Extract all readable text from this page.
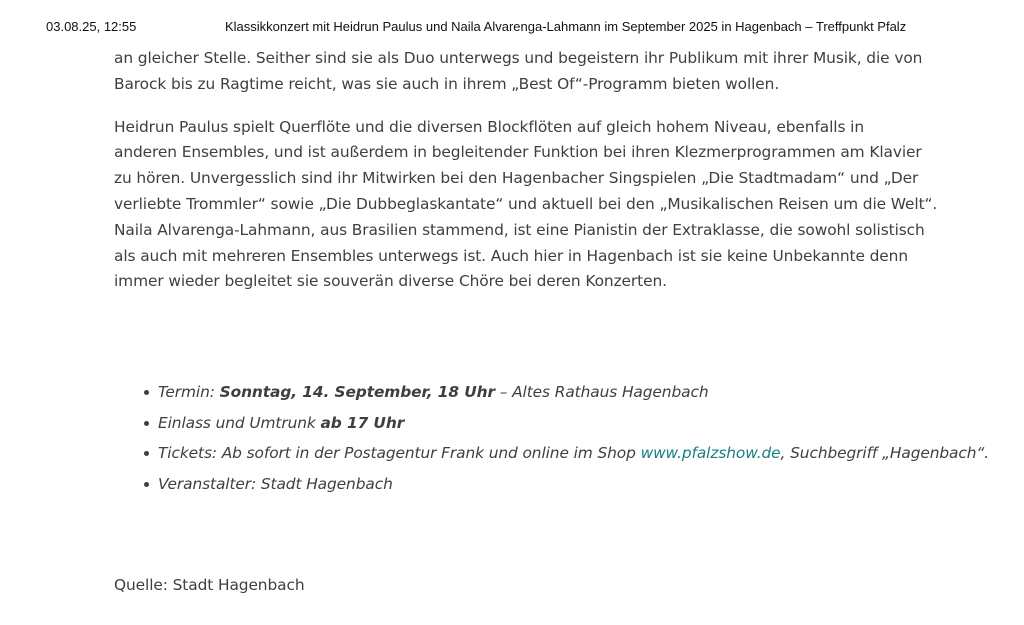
03.08.25, 12:55	Klassikkonzert mit Heidrun Paulus und Naila Alvarenga-Lahmann im September 2025 in Hagenbach – Treffpunkt Pfalz

an gleicher Stelle. Seither sind sie als Duo unterwegs und begeistern ihr Publikum mit ihrer Musik, die von

Barock bis zu Ragtime reicht, was sie auch in ihrem „Best Of“-Programm bieten wollen.

Heidrun Paulus spielt Querflöte und die diversen Blockflöten auf gleich hohem Niveau, ebenfalls in

anderen Ensembles, und ist außerdem in begleitender Funktion bei ihren Klezmerprogrammen am Klavier

zu hören. Unvergesslich sind ihr Mitwirken bei den Hagenbacher Singspielen „Die Stadtmadam“ und „Der

verliebte Trommler“ sowie „Die Dubbeglaskantate“ und aktuell bei den „Musikalischen Reisen um die Welt“.

Naila Alvarenga-Lahmann, aus Brasilien stammend, ist eine Pianistin der Extraklasse, die sowohl solistisch

als auch mit mehreren Ensembles unterwegs ist. Auch hier in Hagenbach ist sie keine Unbekannte denn

immer wieder begleitet sie souverän diverse Chöre bei deren Konzerten.

Termin: Sonntag, 14. September, 18 Uhr – Altes Rathaus Hagenbach
Einlass und Umtrunk ab 17 Uhr
Tickets: Ab sofort in der Postagentur Frank und online im Shop www.pfalzshow.de, Suchbegriff „Hagenbach“.
Veranstalter: Stadt Hagenbach

Quelle: Stadt Hagenbach
